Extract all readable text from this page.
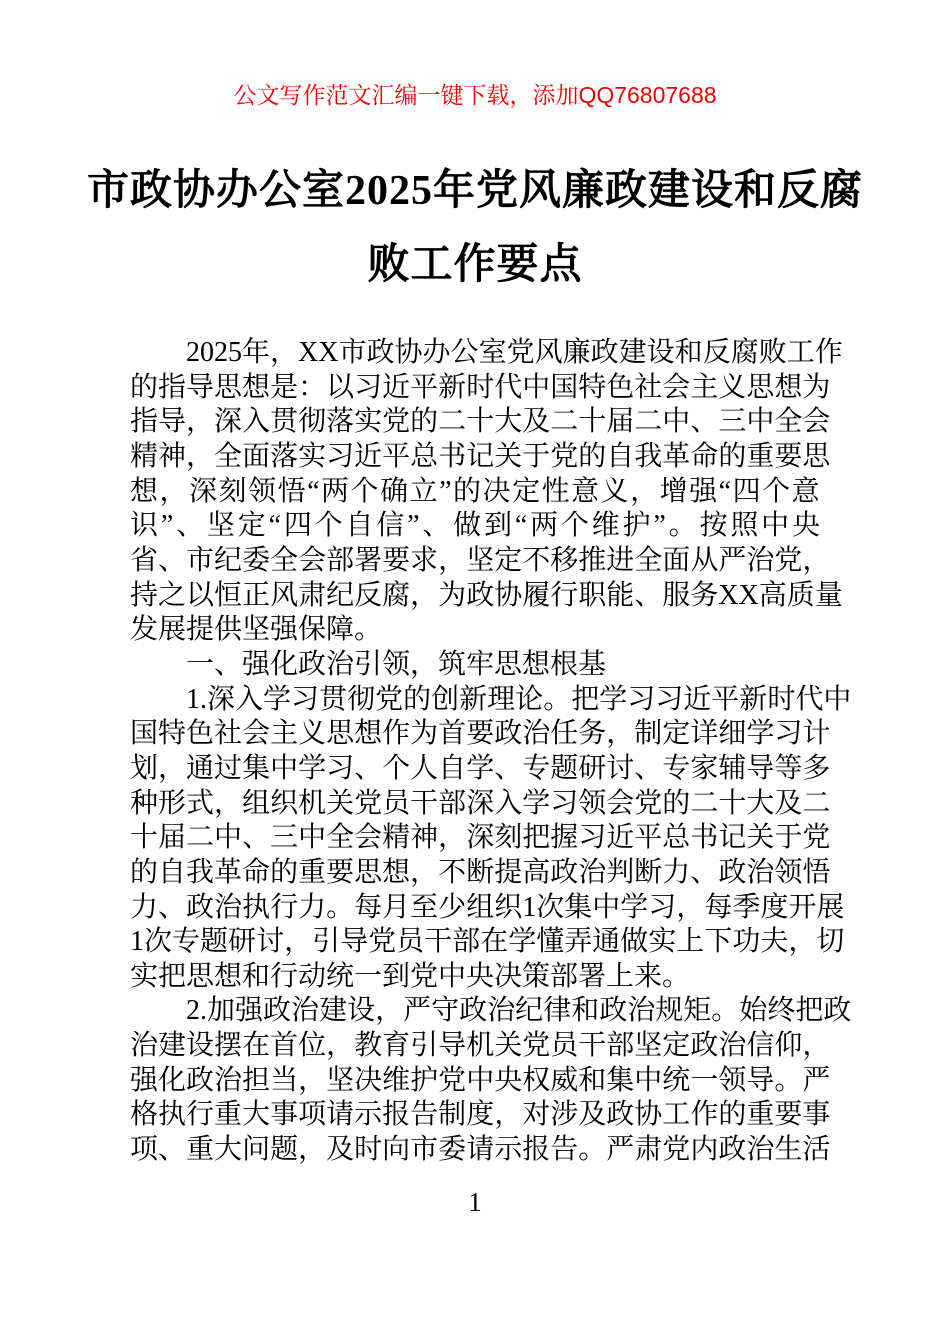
公文写作范文汇编一键下载，添加QQ76807688
市政协办公室2025年党风廉政建设和反腐
败工作要点
2025 年 ， XX 市 政 协 办 公 室 党 风 廉 政 建 设 和 反 腐 败 工 作
的 指 导 思 想 是 ： 以 习 近 平 新 时 代 中 国 特 色 社 会 主 义 思 想 为
指 导 ， 深 入 贯 彻 落 实 党 的 二 十 大 及 二 十 届 二 中 、 三 中 全 会
精 神 ， 全 面 落 实 习 近 平 总 书 记 关 于 党 的 自 我 革 命 的 重 要 思
想 ， 深 刻 领 悟 “ 两 个 确 立 ” 的 决 定 性 意 义 ， 增 强 “ 四 个 意
识 ” 、 坚 定 “ 四 个 自 信 ” 、 做 到 “ 两 个 维 护 ” 。 按 照 中 央
省 、 市 纪 委 全 会 部 署 要 求 ， 坚 定 不 移 推 进 全 面 从 严 治 党 ，
持 之 以 恒 正 风 肃 纪 反 腐 ， 为 政 协 履 行 职 能 、 服 务 XX 高 质 量
发展提供坚强保障。
一、强化政治引领，筑牢思想根基
1. 深 入 学 习 贯 彻 党 的 创 新 理 论 。 把 学 习 习 近 平 新 时 代 中
国 特 色 社 会 主 义 思 想 作 为 首 要 政 治 任 务 ， 制 定 详 细 学 习 计
划 ， 通 过 集 中 学 习 、 个 人 自 学 、 专 题 研 讨 、 专 家 辅 导 等 多
种 形 式 ， 组 织 机 关 党 员 干 部 深 入 学 习 领 会 党 的 二 十 大 及 二
十 届 二 中 、 三 中 全 会 精 神 ， 深 刻 把 握 习 近 平 总 书 记 关 于 党
的 自 我 革 命 的 重 要 思 想 ， 不 断 提 高 政 治 判 断 力 、 政 治 领 悟
力 、 政 治 执 行 力 。 每 月 至 少 组 织 1 次 集 中 学 习 ， 每 季 度 开 展
1 次 专 题 研 讨 ， 引 导 党 员 干 部 在 学 懂 弄 通 做 实 上 下 功 夫 ， 切
实把思想和行动统一到党中央决策部署上来。
2. 加 强 政 治 建 设 ， 严 守 政 治 纪 律 和 政 治 规 矩 。 始 终 把 政
治 建 设 摆 在 首 位 ， 教 育 引 导 机 关 党 员 干 部 坚 定 政 治 信 仰 ，
强 化 政 治 担 当 ， 坚 决 维 护 党 中 央 权 威 和 集 中 统 一 领 导 。 严
格 执 行 重 大 事 项 请 示 报 告 制 度 ， 对 涉 及 政 协 工 作 的 重 要 事
项 、 重 大 问 题 ， 及 时 向 市 委 请 示 报 告 。 严 肃 党 内 政 治 生 活
1
